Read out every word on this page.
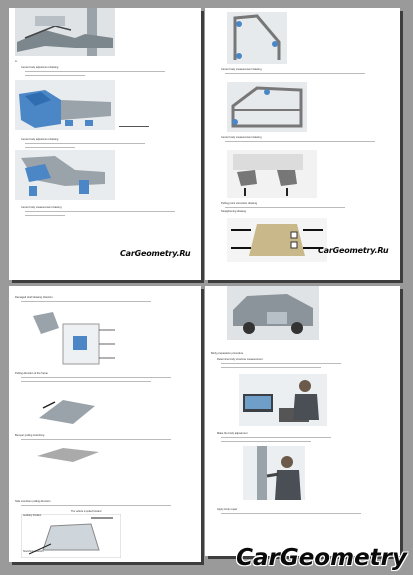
A.
Center body adjustment drawing
Center body adjustment drawing
Center body measurement drawing
CarGeometry.Ru
Center body measurement drawing
Center body measurement drawing
Pulling point correction drawing
Straightening drawing
CarGeometry.Ru
Damaged shell drawing direction
Pulling direction of the frame
Bumper pulling stretching
Side members pulling direction
Auxiliary Position
The vehicle is pulled forward
Stretching direction
Body preparation procedure
Determine body structure measurement
Make the body adjustment
Apply body repair
CarGeometry
